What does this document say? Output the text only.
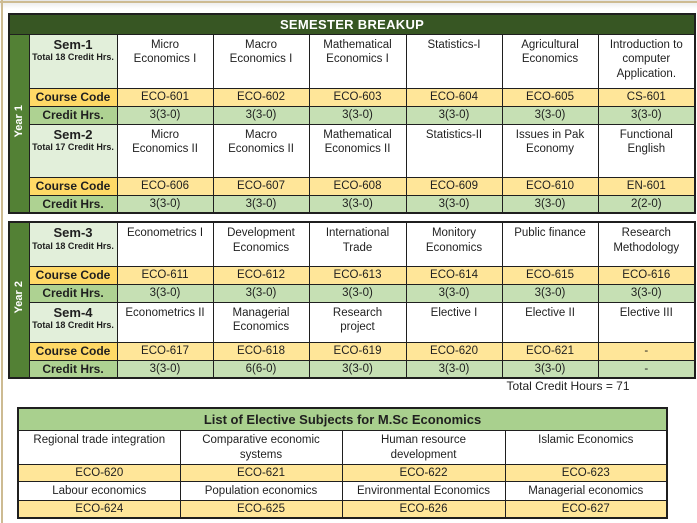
SEMESTER BREAKUP							
Year 1	Sem-1
Total 18 Credit Hrs.	Micro Economics I	Macro Economics I	Mathematical Economics I	Statistics-I	Agricultural Economics	Introduction to computer Application.
	Course Code	ECO-601	ECO-602	ECO-603	ECO-604	ECO-605	CS-601
	Credit Hrs.	3(3-0)	3(3-0)	3(3-0)	3(3-0)	3(3-0)	3(3-0)

	Sem-2
Total 17 Credit Hrs.	Micro Economics II	Macro Economics II	Mathematical Economics II	Statistics-II	Issues in Pak Economy	Functional English
	Course Code	ECO-606	ECO-607	ECO-608	ECO-609	ECO-610	EN-601
	Credit Hrs.	3(3-0)	3(3-0)	3(3-0)	3(3-0)	3(3-0)	2(2-0)
Year 2	Sem-3
Total 18 Credit Hrs.	Econometrics I	Development Economics	International Trade	Monitory Economics	Public finance	Research Methodology
	Course Code	ECO-611	ECO-612	ECO-613	ECO-614	ECO-615	ECO-616
	Credit Hrs.	3(3-0)	3(3-0)	3(3-0)	3(3-0)	3(3-0)	3(3-0)

	Sem-4
Total 18 Credit Hrs.	Econometrics II	Managerial Economics	Research project	Elective I	Elective II	Elective III
	Course Code	ECO-617	ECO-618	ECO-619	ECO-620	ECO-621	-
	Credit Hrs.	3(3-0)	6(6-0)	3(3-0)	3(3-0)	3(3-0)	-
Total Credit Hours = 71
List of Elective Subjects for M.Sc Economics			
Regional trade integration	Comparative economic systems	Human resource development	Islamic Economics
ECO-620	ECO-621	ECO-622	ECO-623
Labour economics	Population economics	Environmental Economics	Managerial economics
ECO-624	ECO-625	ECO-626	ECO-627
